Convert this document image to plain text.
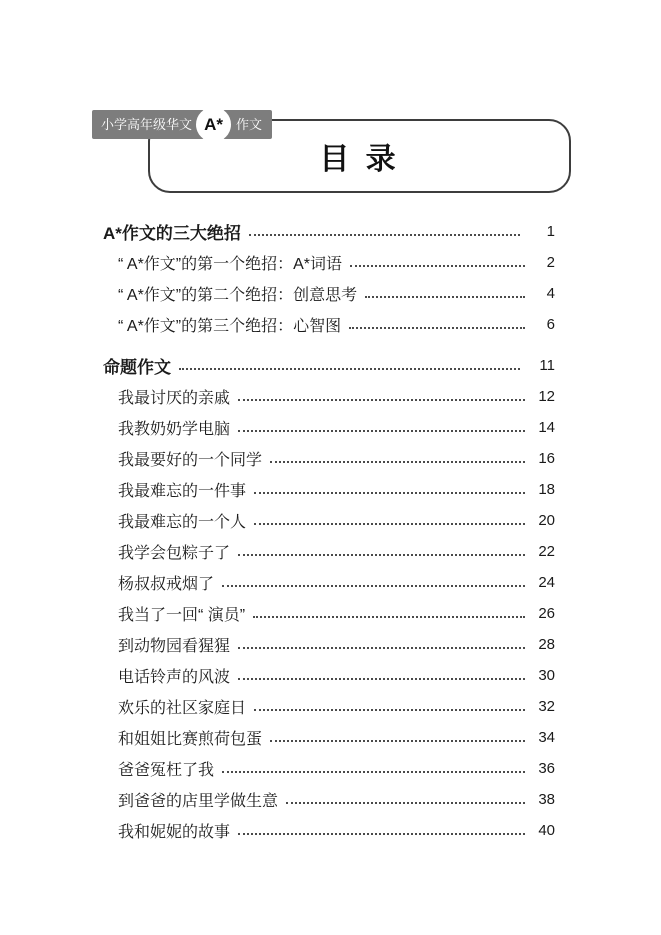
目 录
小学高年级华文 A*	作文
A*作文的三大绝招	1
“ A*作文”的第一个绝招：A*词语	2
“ A*作文”的第二个绝招：创意思考	4
“ A*作文”的第三个绝招：心智图	6
命题作文	11
我最讨厌的亲戚	12
我教奶奶学电脑	14
我最要好的一个同学	16
我最难忘的一件事	18
我最难忘的一个人	20
我学会包粽子了	22
杨叔叔戒烟了	24
我当了一回“ 演员”	26
到动物园看猩猩	28
电话铃声的风波	30
欢乐的社区家庭日	32
和姐姐比赛煎荷包蛋	34
爸爸冤枉了我	36
到爸爸的店里学做生意	38
我和妮妮的故事	40
